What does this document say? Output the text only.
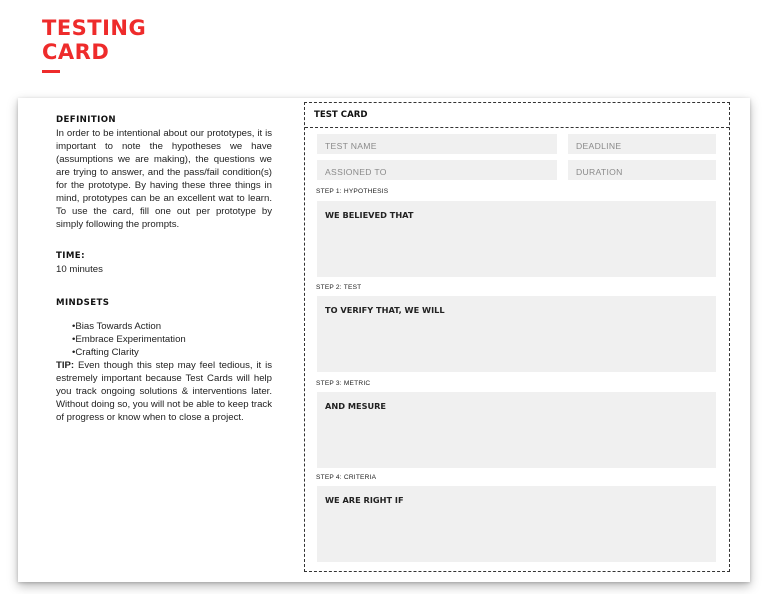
TESTING
CARD
DEFINITION

In order to be intentional about our prototypes, it is important to note the hypotheses we have (assumptions we are making), the questions we are trying to answer, and the pass/fail condition(s) for the prototype. By having these three things in mind, prototypes can be an excellent wat to learn. To use the card, fill one out per prototype by simply following the prompts.

TIME:

10 minutes

MINDSETS
• Bias Towards Action
• Embrace Experimentation
• Crafting Clarity

TIP: Even though this step may feel tedious, it is estremely important because Test Cards will help you track ongoing solutions & interventions later. Without doing so, you will not be able to keep track of progress or know when to close a project.

TEST CARD
TEST NAME	DEADLINE
ASSIONED TO	DURATION
STEP 1: HYPOTHESIS
WE BELIEVED THAT
STEP 2: TEST
TO VERIFY THAT, WE WILL
STEP 3: METRIC
AND MESURE
STEP 4: CRITERIA
WE ARE RIGHT IF
